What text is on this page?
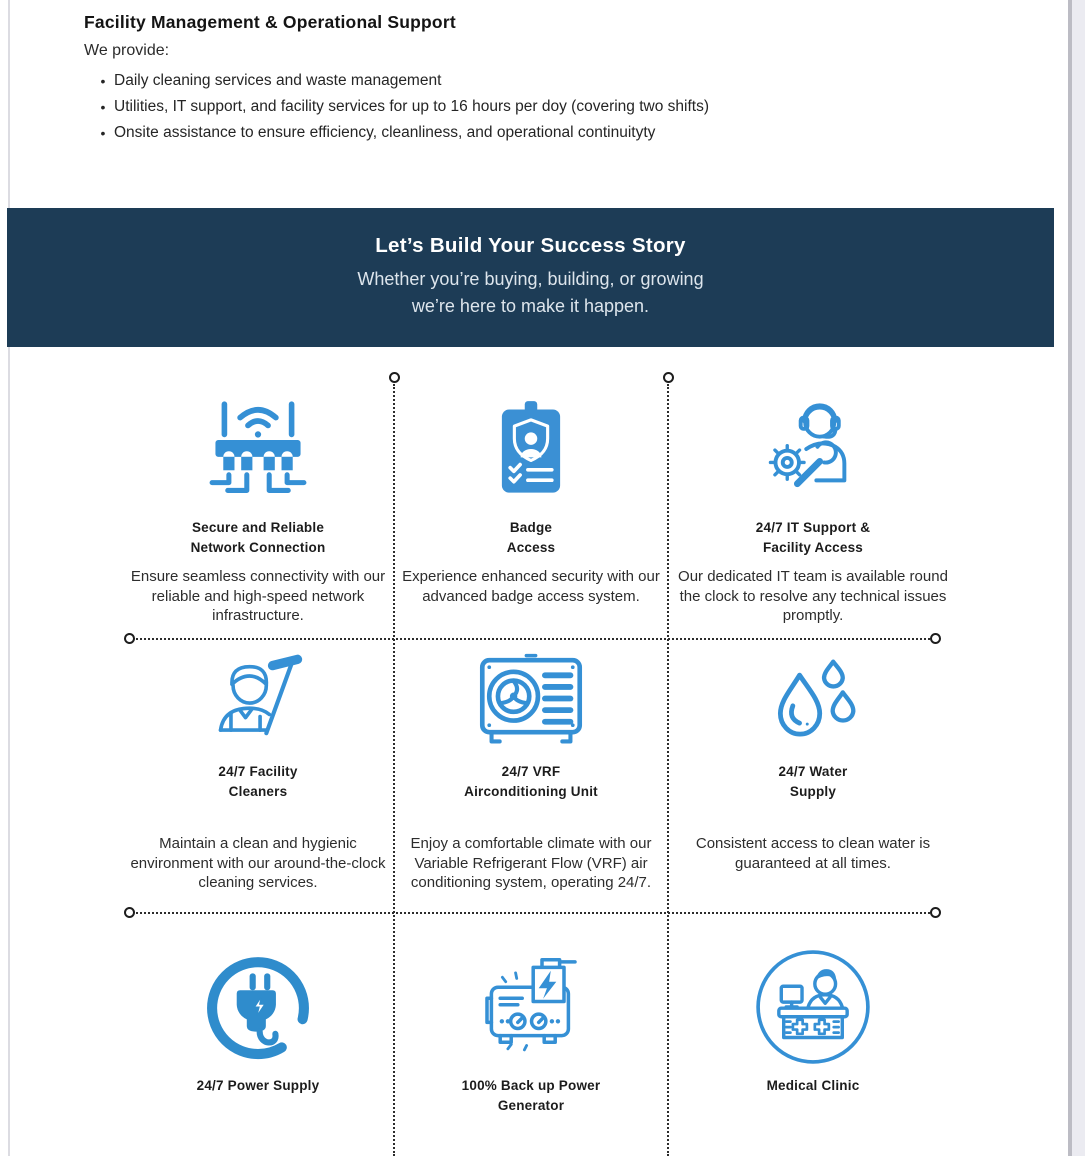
Facility Management & Operational Support

We provide:

• Daily cleaning services and waste management
• Utilities, IT support, and facility services for up to 16 hours per doy (covering two shifts)
• Onsite assistance to ensure efficiency, cleanliness, and operational continuityty
Let’s Build Your Success Story

Whether you’re buying, building, or growing

we’re here to make it happen.

Secure and Reliable
Network Connection

Ensure seamless connectivity with our reliable and high-speed network infrastructure.

Badge
Access

Experience enhanced security with our advanced badge access system.

24/7 IT Support &
Facility Access

Our dedicated IT team is available round the clock to resolve any technical issues promptly.

24/7 Facility
Cleaners

Maintain a clean and hygienic environment with our around-the-clock cleaning services.

24/7 VRF
Airconditioning Unit

Enjoy a comfortable climate with our Variable Refrigerant Flow (VRF) air conditioning system, operating 24/7.

24/7 Water
Supply

Consistent access to clean water is guaranteed at all times.

24/7 Power Supply	100% Back up Power
Generator

Medical Clinic
